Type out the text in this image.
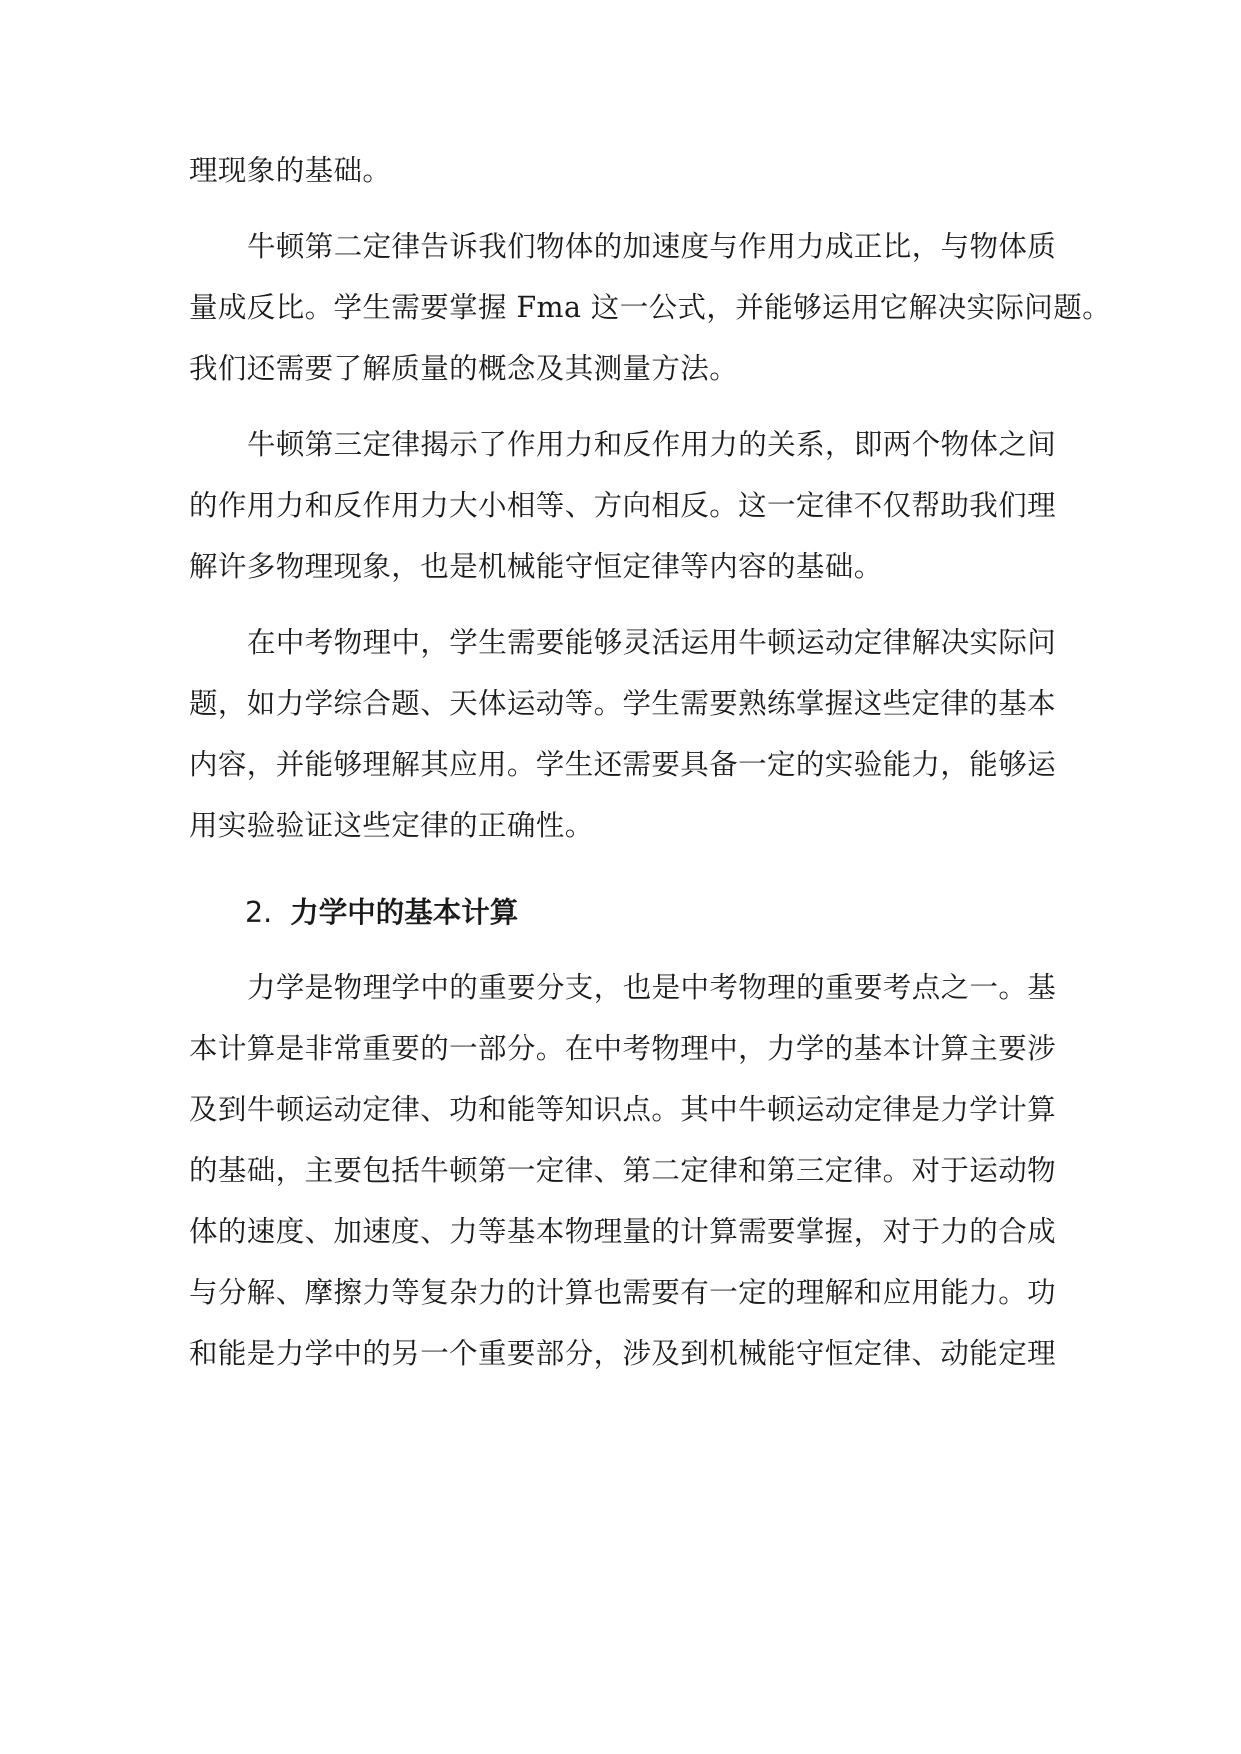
理现象的基础。
牛顿第二定律告诉我们物体的加速度与作用力成正比，与物体质
量成反比。学生需要掌握 Fma 这一公式，并能够运用它解决实际问题。
我们还需要了解质量的概念及其测量方法。
牛顿第三定律揭示了作用力和反作用力的关系，即两个物体之间
的作用力和反作用力大小相等、方向相反。这一定律不仅帮助我们理
解许多物理现象，也是机械能守恒定律等内容的基础。
在中考物理中，学生需要能够灵活运用牛顿运动定律解决实际问
题，如力学综合题、天体运动等。学生需要熟练掌握这些定律的基本
内容，并能够理解其应用。学生还需要具备一定的实验能力，能够运
用实验验证这些定律的正确性。
2. 力学中的基本计算
力学是物理学中的重要分支，也是中考物理的重要考点之一。基
本计算是非常重要的一部分。在中考物理中，力学的基本计算主要涉
及到牛顿运动定律、功和能等知识点。其中牛顿运动定律是力学计算
的基础，主要包括牛顿第一定律、第二定律和第三定律。对于运动物
体的速度、加速度、力等基本物理量的计算需要掌握，对于力的合成
与分解、摩擦力等复杂力的计算也需要有一定的理解和应用能力。功
和能是力学中的另一个重要部分，涉及到机械能守恒定律、动能定理
